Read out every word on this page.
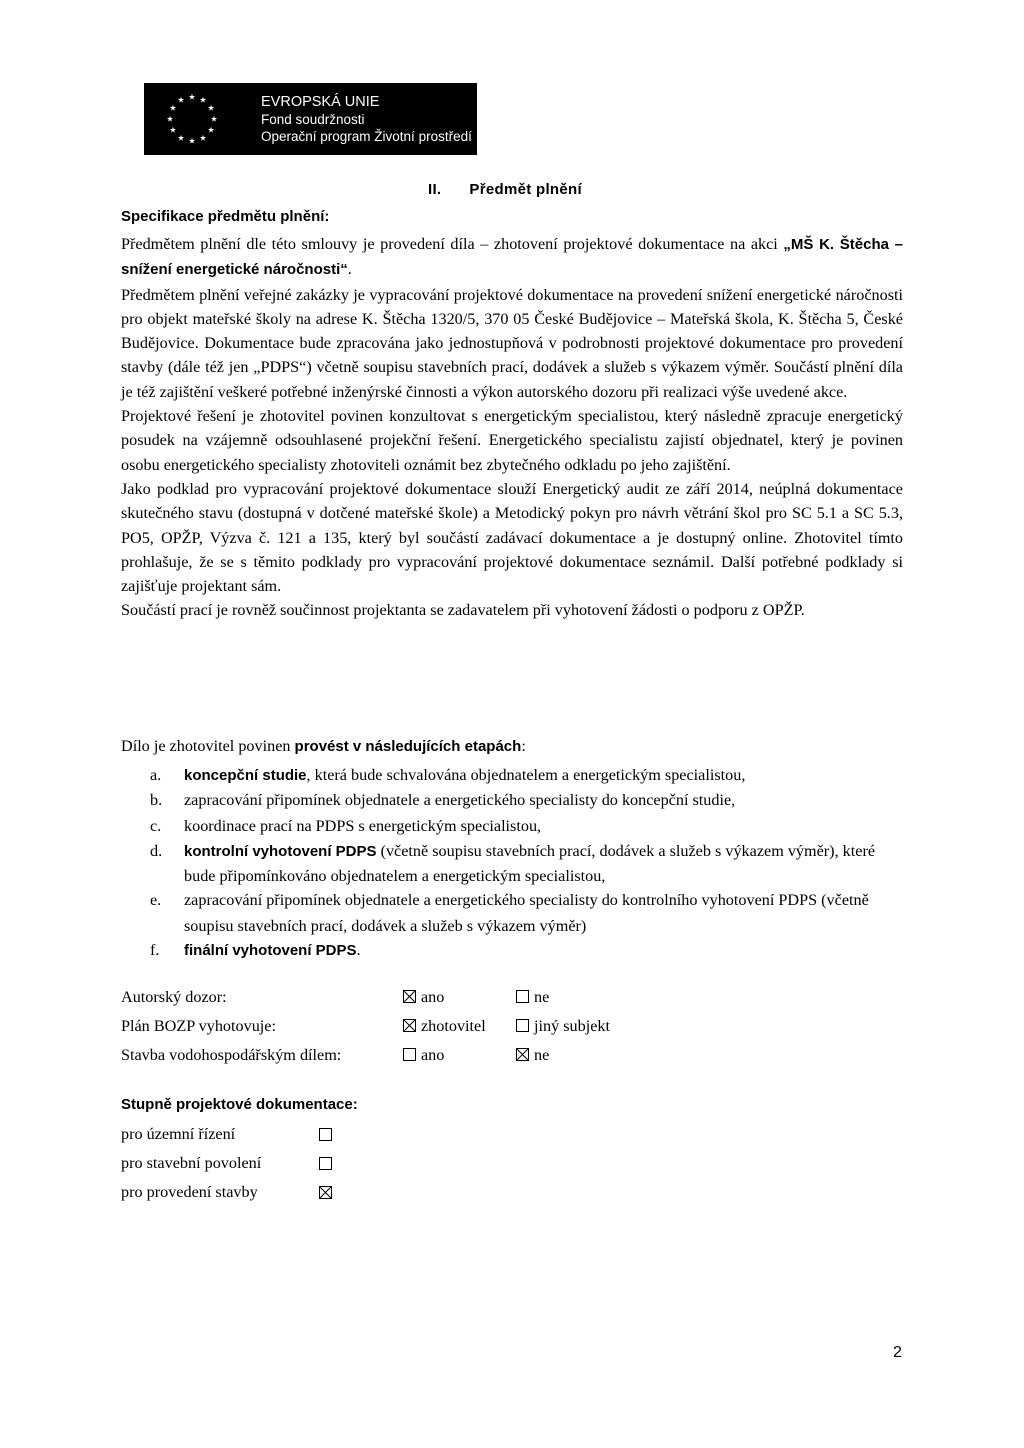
EVROPSKÁ UNIE
Fond soudržnosti
Operační program Životní prostředí
II. Předmět plnění
Specifikace předmětu plnění:

Předmětem plnění dle této smlouvy je provedení díla – zhotovení projektové dokumentace na akci „MŠ K. Štěcha – snížení energetické náročnosti“.

Předmětem plnění veřejné zakázky je vypracování projektové dokumentace na provedení snížení energetické náročnosti pro objekt mateřské školy na adrese K. Štěcha 1320/5, 370 05 České Budějovice – Mateřská škola, K. Štěcha 5, České Budějovice. Dokumentace bude zpracována jako jednostupňová v podrobnosti projektové dokumentace pro provedení stavby (dále též jen „PDPS“) včetně soupisu stavebních prací, dodávek a služeb s výkazem výměr. Součástí plnění díla je též zajištění veškeré potřebné inženýrské činnosti a výkon autorského dozoru při realizaci výše uvedené akce.

Projektové řešení je zhotovitel povinen konzultovat s energetickým specialistou, který následně zpracuje energetický posudek na vzájemně odsouhlasené projekční řešení. Energetického specialistu zajistí objednatel, který je povinen osobu energetického specialisty zhotoviteli oznámit bez zbytečného odkladu po jeho zajištění.

Jako podklad pro vypracování projektové dokumentace slouží Energetický audit ze září 2014, neúplná dokumentace skutečného stavu (dostupná v dotčené mateřské škole) a Metodický pokyn pro návrh větrání škol pro SC 5.1 a SC 5.3, PO5, OPŽP, Výzva č. 121 a 135, který byl součástí zadávací dokumentace a je dostupný online. Zhotovitel tímto prohlašuje, že se s těmito podklady pro vypracování projektové dokumentace seznámil. Další potřebné podklady si zajišťuje projektant sám.

Součástí prací je rovněž součinnost projektanta se zadavatelem při vyhotovení žádosti o podporu z OPŽP.

Dílo je zhotovitel povinen provést v následujících etapách:
a.	koncepční studie, která bude schvalována objednatelem a energetickým specialistou,
b.	zapracování připomínek objednatele a energetického specialisty do koncepční studie,
c.	koordinace prací na PDPS s energetickým specialistou,
d.	kontrolní vyhotovení PDPS (včetně soupisu stavebních prací, dodávek a služeb s výkazem výměr), které bude připomínkováno objednatelem a energetickým specialistou,
e.	zapracování připomínek objednatele a energetického specialisty do kontrolního vyhotovení PDPS (včetně soupisu stavebních prací, dodávek a služeb s výkazem výměr)
f.	finální vyhotovení PDPS.
Autorský dozor:	ano	ne
Plán BOZP vyhotovuje:	zhotovitel	jiný subjekt
Stavba vodohospodářským dílem:	ano	ne
Stupně projektové dokumentace:
pro územní řízení
pro stavební povolení
pro provedení stavby
2
